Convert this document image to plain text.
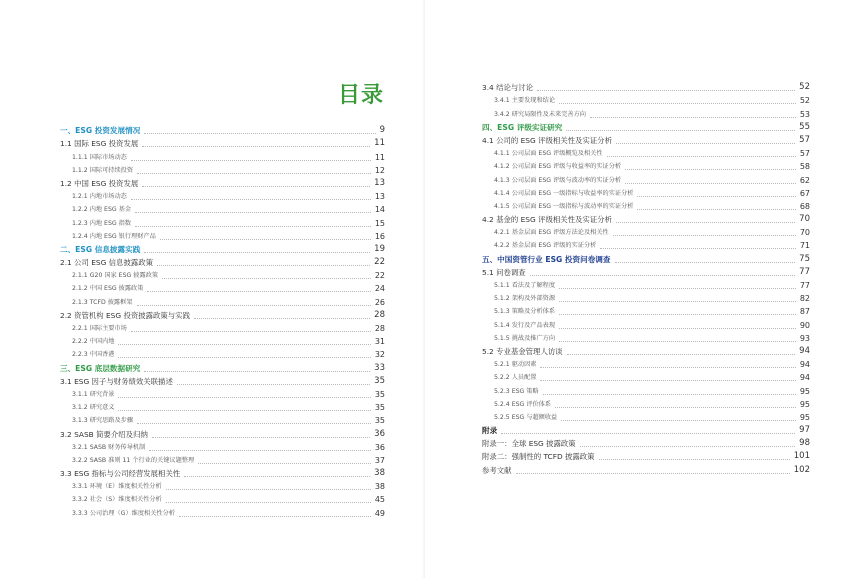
目录
一、ESG 投资发展情况	9
1.1 国际 ESG 投资发展	11
1.1.1 国际市场动态	11
1.1.2 国际可持续投资	12
1.2 中国 ESG 投资发展	13
1.2.1 内地市场动态	13
1.2.2 内地 ESG 基金	14
1.2.3 内地 ESG 指数	15
1.2.4 内地 ESG 银行理财产品	16
二、ESG 信息披露实践	19
2.1 公司 ESG 信息披露政策	22
2.1.1 G20 国家 ESG 披露政策	22
2.1.2 中国 ESG 披露政策	24
2.1.3 TCFD 披露框架	26
2.2 资管机构 ESG 投资披露政策与实践	28
2.2.1 国际主要市场	28
2.2.2 中国内地	31
2.2.3 中国香港	32
三、ESG 底层数据研究	33
3.1 ESG 因子与财务绩效关联描述	35
3.1.1 研究背景	35
3.1.2 研究意义	35
3.1.3 研究思路及步骤	35
3.2 SASB 简要介绍及归纳	36
3.2.1 SASB 财务传导机制	36
3.2.2 SASB 准则 11 个行业的关键议题整理	37
3.3 ESG 指标与公司经营发展相关性	38
3.3.1 环境（E）维度相关性分析	38
3.3.2 社会（S）维度相关性分析	45
3.3.3 公司治理（G）维度相关性分析	49
3.4 结论与讨论	52
3.4.1 主要发现和结论	52
3.4.2 研究局限性及未来完善方向	53
四、ESG 评级实证研究	55
4.1 公司的 ESG 评级相关性及实证分析	57
4.1.1 公司层面 ESG 评级概览及相关性	57
4.1.2 公司层面 ESG 评级与收益率的实证分析	58
4.1.3 公司层面 ESG 评级与波动率的实证分析	62
4.1.4 公司层面 ESG 一级指标与收益率的实证分析	67
4.1.5 公司层面 ESG 一级指标与波动率的实证分析	68
4.2 基金的 ESG 评级相关性及实证分析	70
4.2.1 基金层面 ESG 评级方法论及相关性	70
4.2.2 基金层面 ESG 评级的实证分析	71
五、中国资管行业 ESG 投资问卷调查	75
5.1 问卷调查	77
5.1.1 看法及了解程度	77
5.1.2 架构及外部资源	82
5.1.3 策略及分析体系	87
5.1.4 发行及产品表现	90
5.1.5 挑战及推广方向	93
5.2 专业基金管理人访谈	94
5.2.1 驱动因素	94
5.2.2 人员配置	94
5.2.3 ESG 策略	95
5.2.4 ESG 评价体系	95
5.2.5 ESG 与超额收益	95
附录	97
附录一：全球 ESG 披露政策	98
附录二：强制性的 TCFD 披露政策	101
参考文献	102
